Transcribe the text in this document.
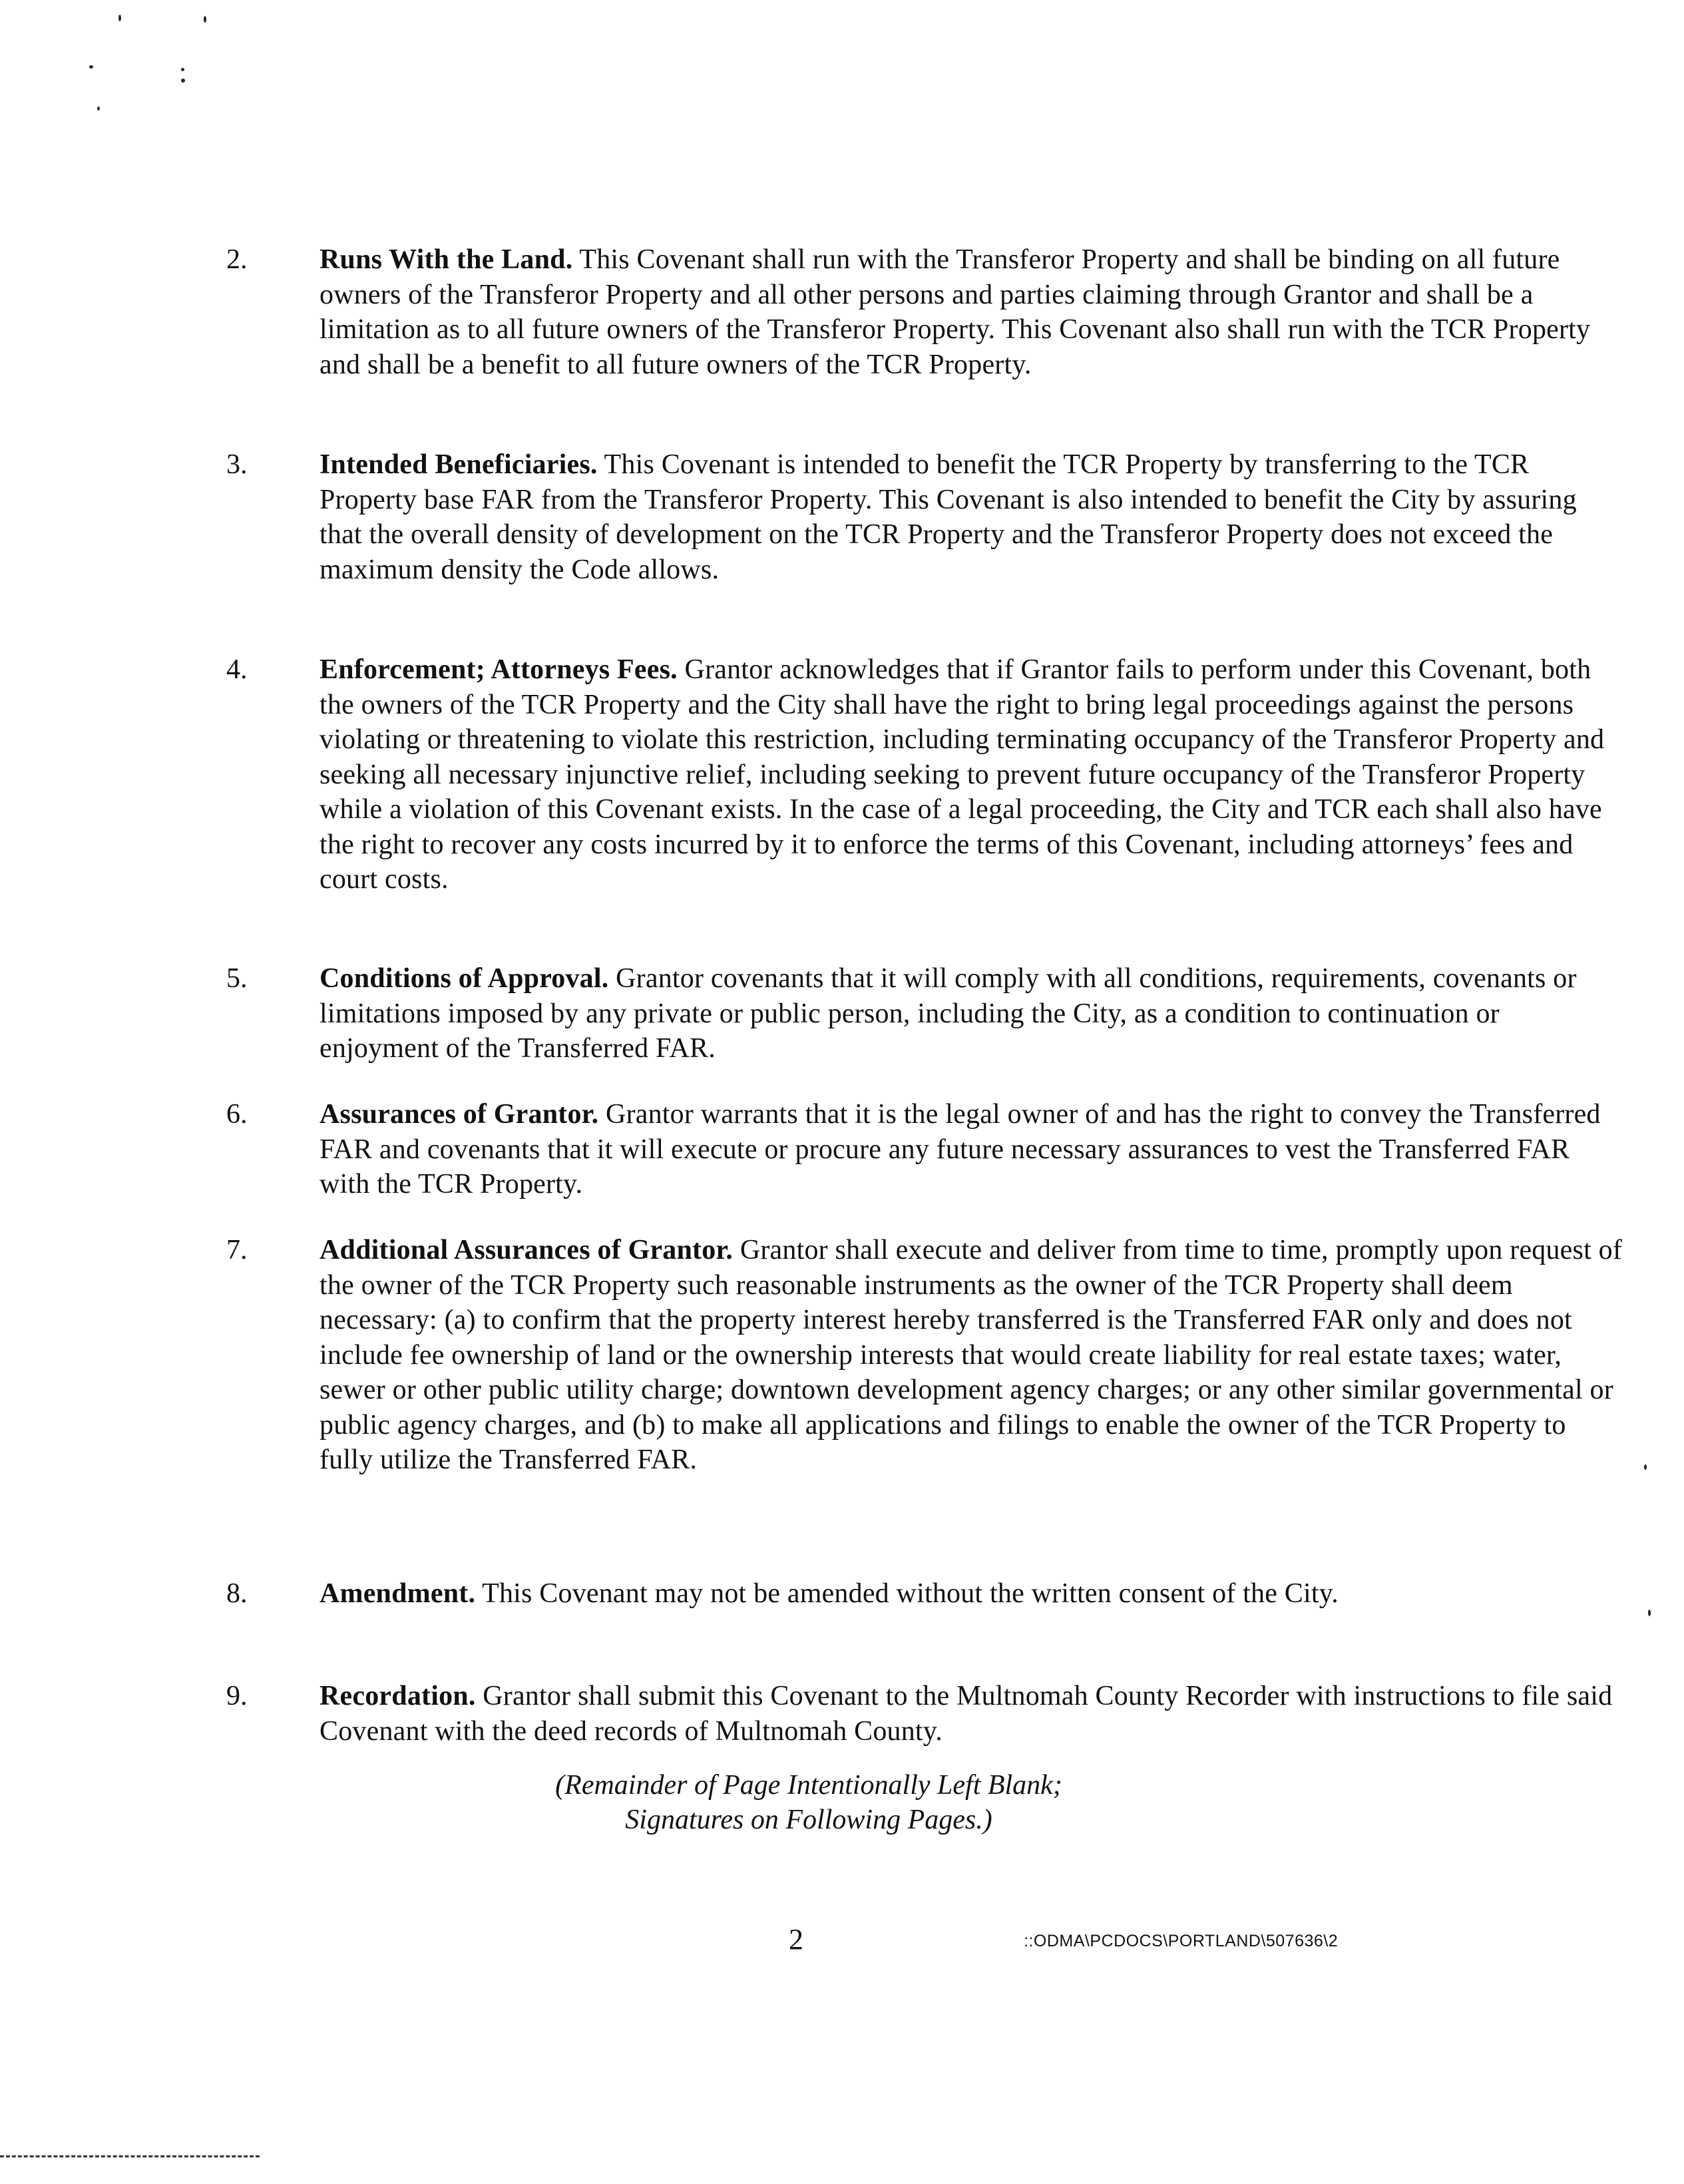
2.	Runs With the Land. This Covenant shall run with the Transferor Property and shall be binding on all future owners of the Transferor Property and all other persons and parties claiming through Grantor and shall be a limitation as to all future owners of the Transferor Property. This Covenant also shall run with the TCR Property and shall be a benefit to all future owners of the TCR Property.
3.	Intended Beneficiaries. This Covenant is intended to benefit the TCR Property by transferring to the TCR Property base FAR from the Transferor Property. This Covenant is also intended to benefit the City by assuring that the overall density of development on the TCR Property and the Transferor Property does not exceed the maximum density the Code allows.
4.	Enforcement; Attorneys Fees. Grantor acknowledges that if Grantor fails to perform under this Covenant, both the owners of the TCR Property and the City shall have the right to bring legal proceedings against the persons violating or threatening to violate this restriction, including terminating occupancy of the Transferor Property and seeking all necessary injunctive relief, including seeking to prevent future occupancy of the Transferor Property while a violation of this Covenant exists. In the case of a legal proceeding, the City and TCR each shall also have the right to recover any costs incurred by it to enforce the terms of this Covenant, including attorneys’ fees and court costs.
5.	Conditions of Approval. Grantor covenants that it will comply with all conditions, requirements, covenants or limitations imposed by any private or public person, including the City, as a condition to continuation or enjoyment of the Transferred FAR.
6.	Assurances of Grantor. Grantor warrants that it is the legal owner of and has the right to convey the Transferred FAR and covenants that it will execute or procure any future necessary assurances to vest the Transferred FAR with the TCR Property.
7.	Additional Assurances of Grantor. Grantor shall execute and deliver from time to time, promptly upon request of the owner of the TCR Property such reasonable instruments as the owner of the TCR Property shall deem necessary: (a) to confirm that the property interest hereby transferred is the Transferred FAR only and does not include fee ownership of land or the ownership interests that would create liability for real estate taxes; water, sewer or other public utility charge; downtown development agency charges; or any other similar governmental or public agency charges, and (b) to make all applications and filings to enable the owner of the TCR Property to fully utilize the Transferred FAR.
8.	Amendment. This Covenant may not be amended without the written consent of the City.
9.	Recordation. Grantor shall submit this Covenant to the Multnomah County Recorder with instructions to file said Covenant with the deed records of Multnomah County.
(Remainder of Page Intentionally Left Blank;
Signatures on Following Pages.)
2	::ODMA\PCDOCS\PORTLAND\507636\2
